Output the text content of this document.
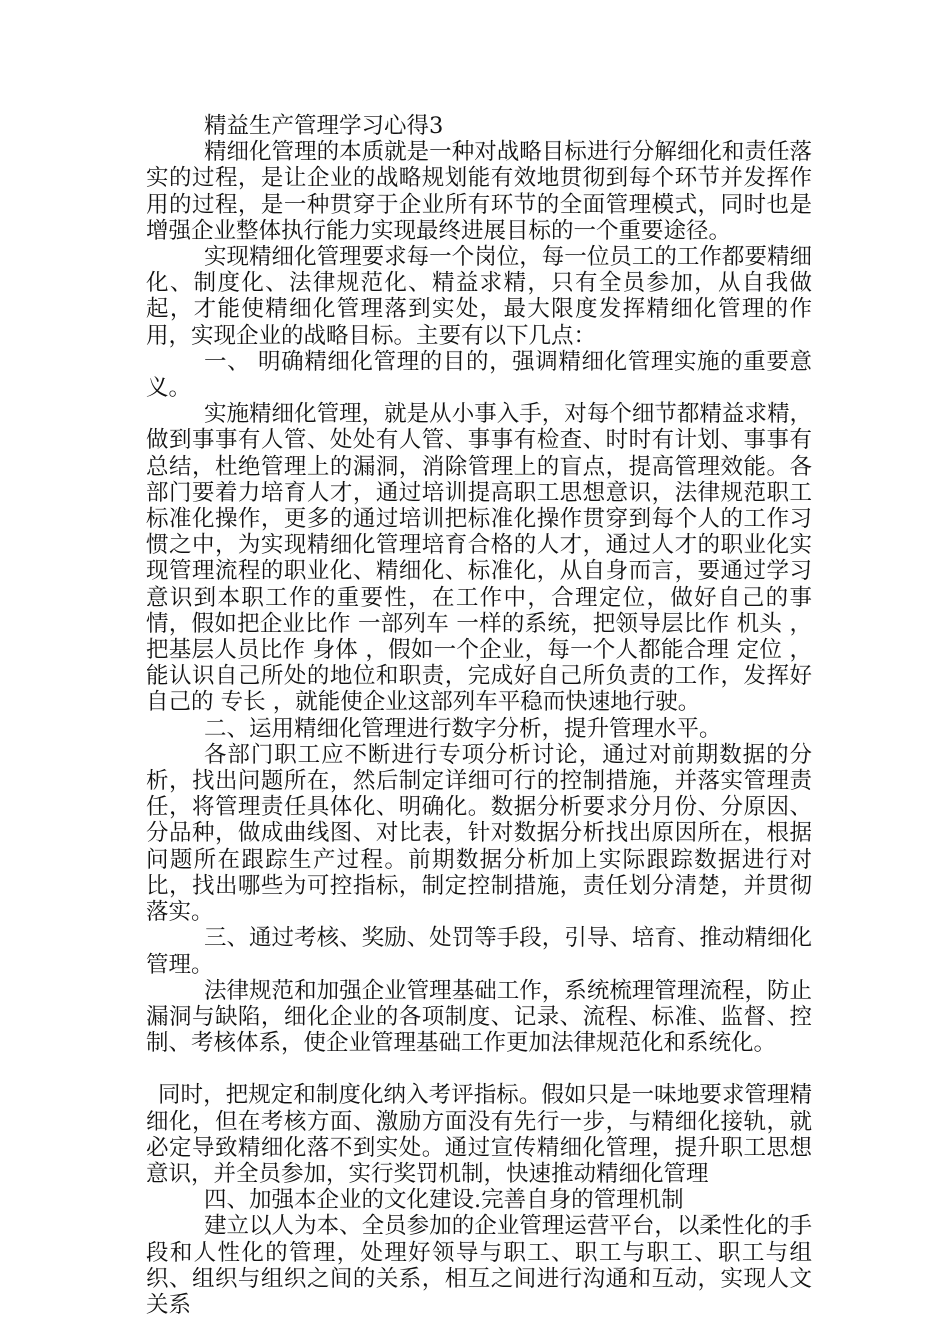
精益生产管理学习心得3

精细化管理的本质就是一种对战略目标进行分解细化和责任落实的过程，是让企业的战略规划能有效地贯彻到每个环节并发挥作用的过程，是一种贯穿于企业所有环节的全面管理模式，同时也是增强企业整体执行能力实现最终进展目标的一个重要途径。

实现精细化管理要求每一个岗位，每一位员工的工作都要精细化、制度化、法律规范化、精益求精，只有全员参加，从自我做起，才能使精细化管理落到实处，最大限度发挥精细化管理的作用，实现企业的战略目标。主要有以下几点：

一、 明确精细化管理的目的，强调精细化管理实施的重要意义。

实施精细化管理，就是从小事入手，对每个细节都精益求精，做到事事有人管、处处有人管、事事有检查、时时有计划、事事有总结，杜绝管理上的漏洞，消除管理上的盲点，提高管理效能。各部门要着力培育人才，通过培训提高职工思想意识，法律规范职工标准化操作，更多的通过培训把标准化操作贯穿到每个人的工作习惯之中，为实现精细化管理培育合格的人才，通过人才的职业化实现管理流程的职业化、精细化、标准化，从自身而言，要通过学习意识到本职工作的重要性，在工作中，合理定位，做好自己的事情，假如把企业比作 一部列车 一样的系统，把领导层比作 机头 ，把基层人员比作 身体 ，假如一个企业，每一个人都能合理 定位 ，能认识自己所处的地位和职责，完成好自己所负责的工作，发挥好自己的 专长 ，就能使企业这部列车平稳而快速地行驶。

二、运用精细化管理进行数字分析，提升管理水平。

各部门职工应不断进行专项分析讨论，通过对前期数据的分析，找出问题所在，然后制定详细可行的控制措施，并落实管理责任，将管理责任具体化、明确化。数据分析要求分月份、分原因、分品种，做成曲线图、对比表，针对数据分析找出原因所在，根据问题所在跟踪生产过程。前期数据分析加上实际跟踪数据进行对比，找出哪些为可控指标，制定控制措施，责任划分清楚，并贯彻落实。

三、通过考核、奖励、处罚等手段，引导、培育、推动精细化管理。

法律规范和加强企业管理基础工作，系统梳理管理流程，防止漏洞与缺陷，细化企业的各项制度、记录、流程、标准、监督、控制、考核体系，使企业管理基础工作更加法律规范化和系统化。

同时，把规定和制度化纳入考评指标。假如只是一味地要求管理精细化，但在考核方面、激励方面没有先行一步，与精细化接轨，就必定导致精细化落不到实处。通过宣传精细化管理，提升职工思想意识，并全员参加，实行奖罚机制，快速推动精细化管理

四、加强本企业的文化建设.完善自身的管理机制

建立以人为本、全员参加的企业管理运营平台，以柔性化的手段和人性化的管理，处理好领导与职工、职工与职工、职工与组织、组织与组织之间的关系，相互之间进行沟通和互动，实现人文关系
